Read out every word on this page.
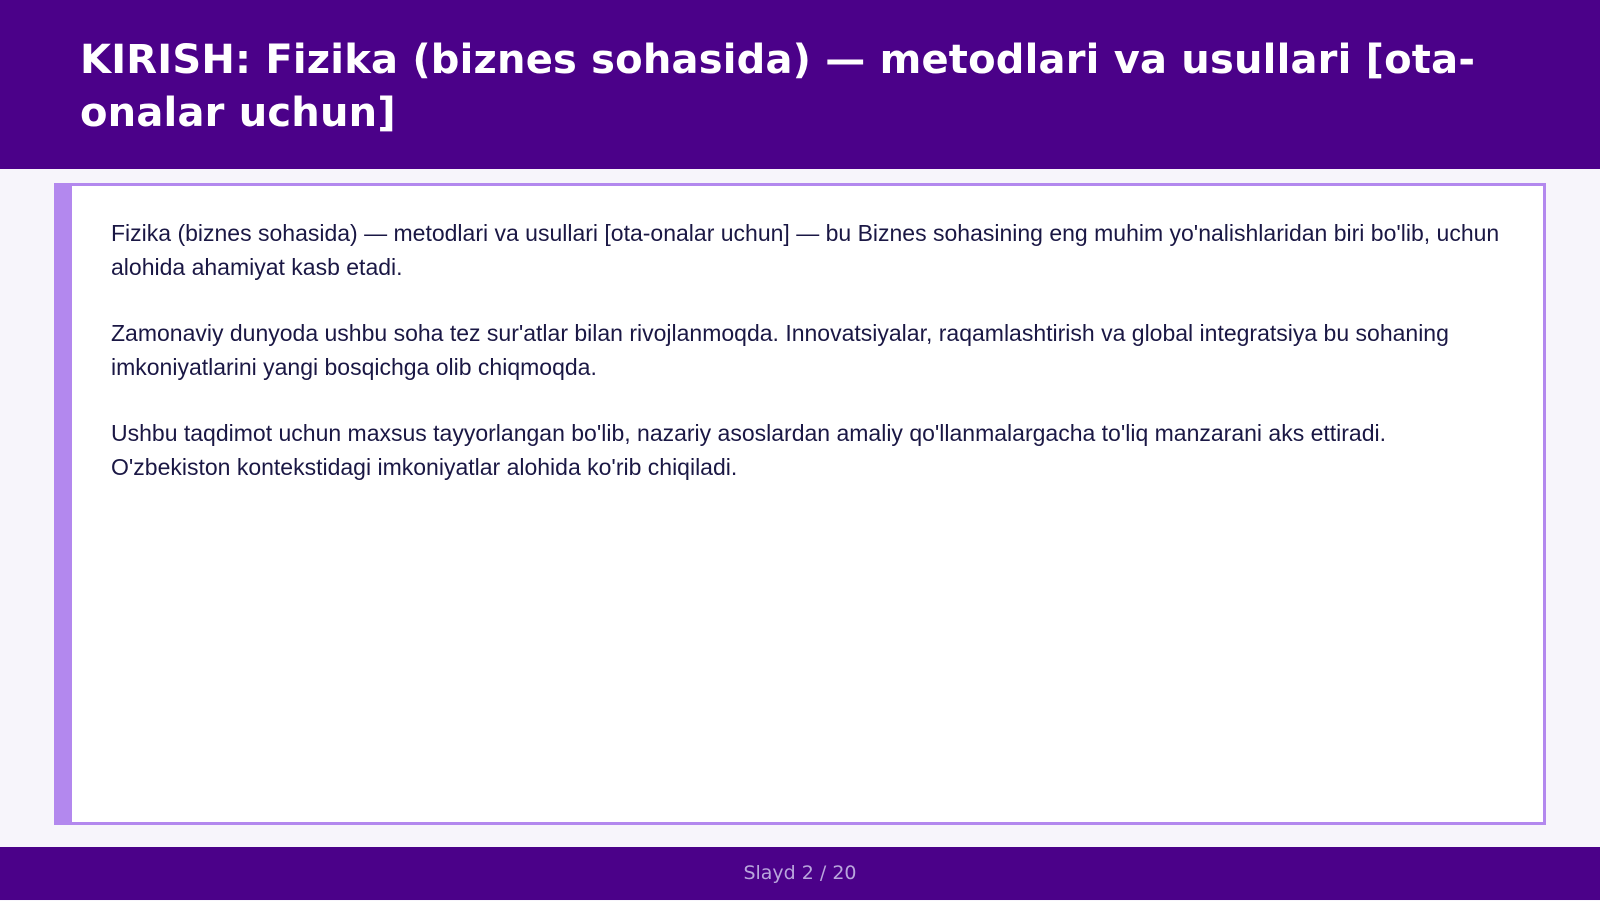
KIRISH: Fizika (biznes sohasida) — metodlari va usullari [ota-onalar uchun]

Fizika (biznes sohasida) — metodlari va usullari [ota-onalar uchun] — bu Biznes sohasining eng muhim yo'nalishlaridan biri bo'lib, uchun alohida ahamiyat kasb etadi.

Zamonaviy dunyoda ushbu soha tez sur'atlar bilan rivojlanmoqda. Innovatsiyalar, raqamlashtirish va global integratsiya bu sohaning imkoniyatlarini yangi bosqichga olib chiqmoqda.

Ushbu taqdimot uchun maxsus tayyorlangan bo'lib, nazariy asoslardan amaliy qo'llanmalargacha to'liq manzarani aks ettiradi. O'zbekiston kontekstidagi imkoniyatlar alohida ko'rib chiqiladi.

Slayd 2 / 20
